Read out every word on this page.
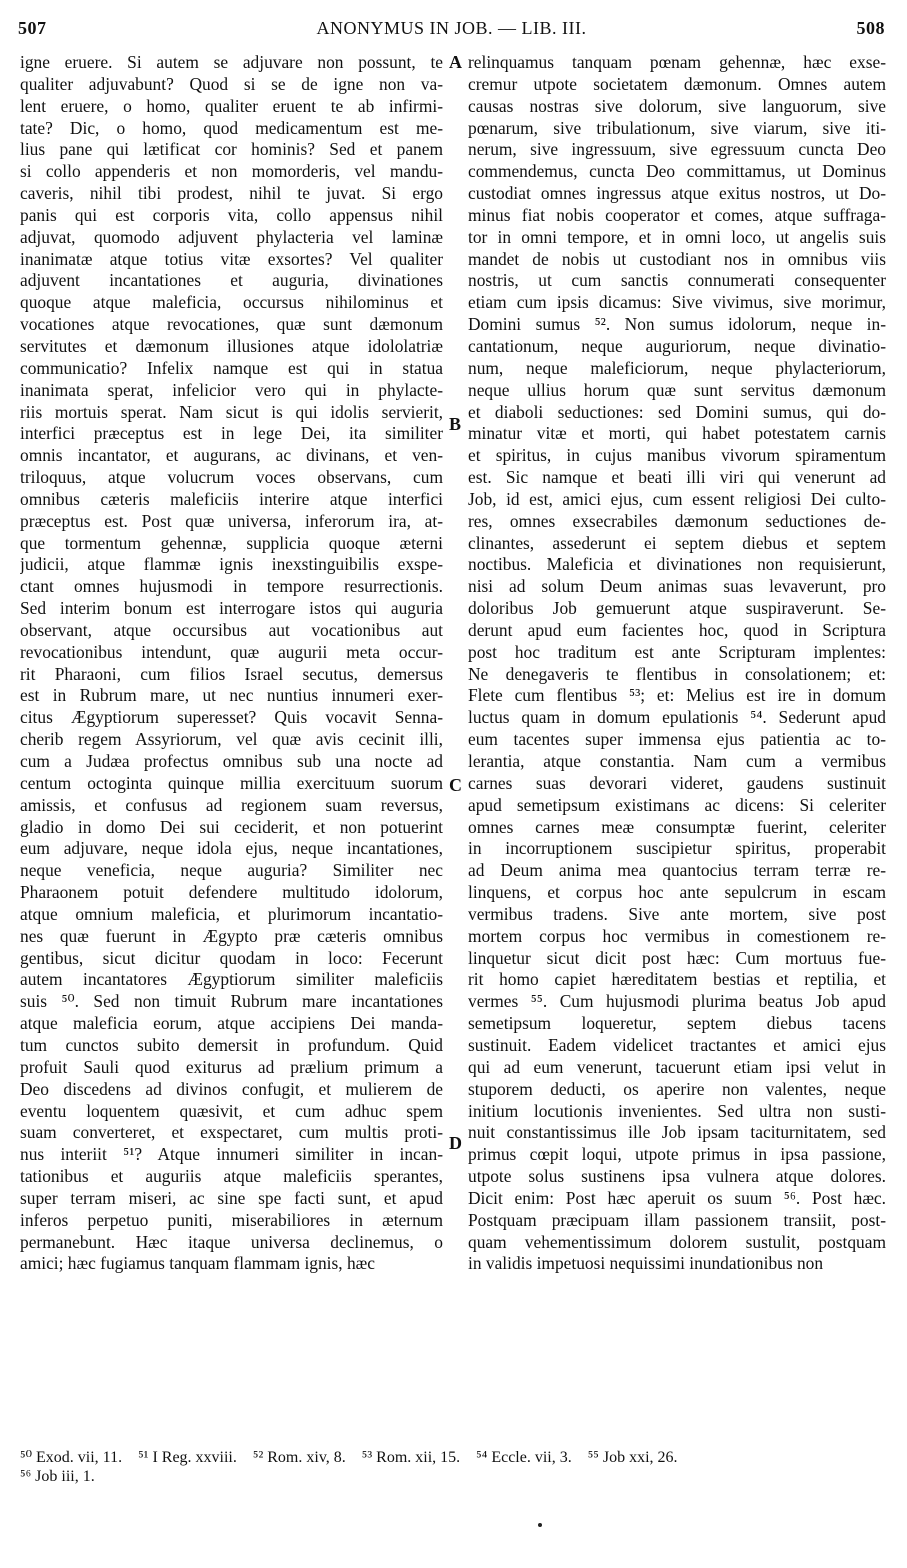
507	ANONYMUS IN JOB. — LIB. III.	508
igne eruere. Si autem se adjuvare non possunt, te
qualiter adjuvabunt? Quod si se de igne non va-
lent eruere, o homo, qualiter eruent te ab infirmi-
tate? Dic, o homo, quod medicamentum est me-
lius pane qui lætificat cor hominis? Sed et panem
si collo appenderis et non momorderis, vel mandu-
caveris, nihil tibi prodest, nihil te juvat. Si ergo
panis qui est corporis vita, collo appensus nihil
adjuvat, quomodo adjuvent phylacteria vel laminæ
inanimatæ atque totius vitæ exsortes? Vel qualiter
adjuvent incantationes et auguria, divinationes
quoque atque maleficia, occursus nihilominus et
vocationes atque revocationes, quæ sunt dæmonum
servitutes et dæmonum illusiones atque idololatriæ
communicatio? Infelix namque est qui in statua
inanimata sperat, infelicior vero qui in phylacte-
riis mortuis sperat. Nam sicut is qui idolis servierit,
interfici præceptus est in lege Dei, ita similiter
omnis incantator, et augurans, ac divinans, et ven-
triloquus, atque volucrum voces observans, cum
omnibus cæteris maleficiis interire atque interfici
præceptus est. Post quæ universa, inferorum ira, at-
que tormentum gehennæ, supplicia quoque æterni
judicii, atque flammæ ignis inexstinguibilis exspe-
ctant omnes hujusmodi in tempore resurrectionis.
Sed interim bonum est interrogare istos qui auguria
observant, atque occursibus aut vocationibus aut
revocationibus intendunt, quæ augurii meta occur-
rit Pharaoni, cum filios Israel secutus, demersus
est in Rubrum mare, ut nec nuntius innumeri exer-
citus Ægyptiorum superesset? Quis vocavit Senna-
cherib regem Assyriorum, vel quæ avis cecinit illi,
cum a Judæa profectus omnibus sub una nocte ad
centum octoginta quinque millia exercituum suorum
amissis, et confusus ad regionem suam reversus,
gladio in domo Dei sui ceciderit, et non potuerint
eum adjuvare, neque idola ejus, neque incantationes,
neque veneficia, neque auguria? Similiter nec
Pharaonem potuit defendere multitudo idolorum,
atque omnium maleficia, et plurimorum incantatio-
nes quæ fuerunt in Ægypto præ cæteris omnibus
gentibus, sicut dicitur quodam in loco: Fecerunt
autem incantatores Ægyptiorum similiter maleficiis
suis ⁵⁰. Sed non timuit Rubrum mare incantationes
atque maleficia eorum, atque accipiens Dei manda-
tum cunctos subito demersit in profundum. Quid
profuit Sauli quod exiturus ad prælium primum a
Deo discedens ad divinos confugit, et mulierem de
eventu loquentem quæsivit, et cum adhuc spem
suam converteret, et exspectaret, cum multis proti-
nus interiit ⁵¹? Atque innumeri similiter in incan-
tationibus et auguriis atque maleficiis sperantes,
super terram miseri, ac sine spe facti sunt, et apud
inferos perpetuo puniti, miserabiliores in æternum
permanebunt. Hæc itaque universa declinemus, o
amici; hæc fugiamus tanquam flammam ignis, hæc
relinquamus tanquam pœnam gehennæ, hæc exse-
cremur utpote societatem dæmonum. Omnes autem
causas nostras sive dolorum, sive languorum, sive
pœnarum, sive tribulationum, sive viarum, sive iti-
nerum, sive ingressuum, sive egressuum cuncta Deo
commendemus, cuncta Deo committamus, ut Dominus
custodiat omnes ingressus atque exitus nostros, ut Do-
minus fiat nobis cooperator et comes, atque suffraga-
tor in omni tempore, et in omni loco, ut angelis suis
mandet de nobis ut custodiant nos in omnibus viis
nostris, ut cum sanctis connumerati consequenter
etiam cum ipsis dicamus: Sive vivimus, sive morimur,
Domini sumus ⁵². Non sumus idolorum, neque in-
cantationum, neque auguriorum, neque divinatio-
num, neque maleficiorum, neque phylacteriorum,
neque ullius horum quæ sunt servitus dæmonum
et diaboli seductiones: sed Domini sumus, qui do-
minatur vitæ et morti, qui habet potestatem carnis
et spiritus, in cujus manibus vivorum spiramentum
est. Sic namque et beati illi viri qui venerunt ad
Job, id est, amici ejus, cum essent religiosi Dei culto-
res, omnes exsecrabiles dæmonum seductiones de-
clinantes, assederunt ei septem diebus et septem
noctibus. Maleficia et divinationes non requisierunt,
nisi ad solum Deum animas suas levaverunt, pro
doloribus Job gemuerunt atque suspiraverunt. Se-
derunt apud eum facientes hoc, quod in Scriptura
post hoc traditum est ante Scripturam implentes:
Ne denegaveris te flentibus in consolationem; et:
Flete cum flentibus ⁵³; et: Melius est ire in domum
luctus quam in domum epulationis ⁵⁴. Sederunt apud
eum tacentes super immensa ejus patientia ac to-
lerantia, atque constantia. Nam cum a vermibus
carnes suas devorari videret, gaudens sustinuit
apud semetipsum existimans ac dicens: Si celeriter
omnes carnes meæ consumptæ fuerint, celeriter
in incorruptionem suscipietur spiritus, properabit
ad Deum anima mea quantocius terram terræ re-
linquens, et corpus hoc ante sepulcrum in escam
vermibus tradens. Sive ante mortem, sive post
mortem corpus hoc vermibus in comestionem re-
linquetur sicut dicit post hæc: Cum mortuus fue-
rit homo capiet hæreditatem bestias et reptilia, et
vermes ⁵⁵. Cum hujusmodi plurima beatus Job apud
semetipsum loqueretur, septem diebus tacens
sustinuit. Eadem videlicet tractantes et amici ejus
qui ad eum venerunt, tacuerunt etiam ipsi velut in
stuporem deducti, os aperire non valentes, neque
initium locutionis invenientes. Sed ultra non susti-
nuit constantissimus ille Job ipsam taciturnitatem, sed
primus cœpit loqui, utpote primus in ipsa passione,
utpote solus sustinens ipsa vulnera atque dolores.
Dicit enim: Post hæc aperuit os suum ⁵⁶. Post hæc.
Postquam præcipuam illam passionem transiit, post-
quam vehementissimum dolorem sustulit, postquam
in validis impetuosi nequissimi inundationibus non
A
B
C
D
⁵⁰ Exod. vii, 11.    ⁵¹ I Reg. xxviii.    ⁵² Rom. xiv, 8.    ⁵³ Rom. xii, 15.    ⁵⁴ Eccle. vii, 3.    ⁵⁵ Job xxi, 26.
⁵⁶ Job iii, 1.
